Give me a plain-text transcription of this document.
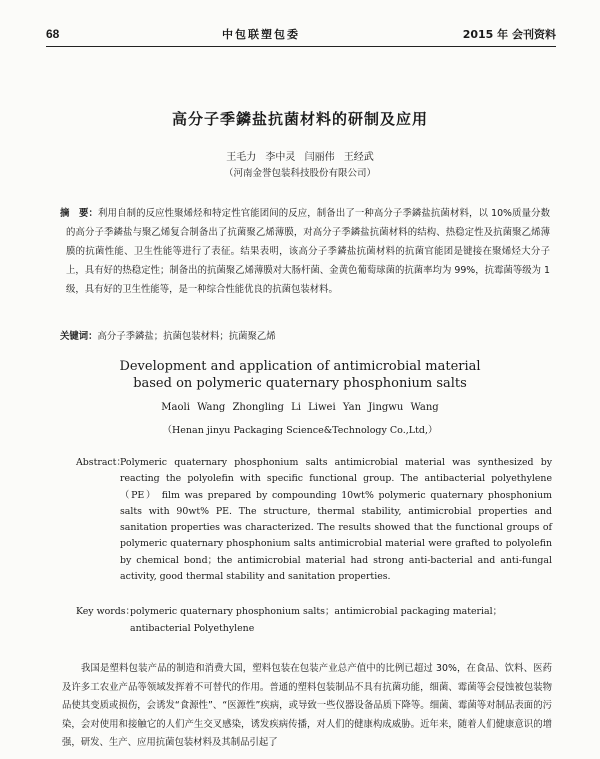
68	中包联塑包委	2015 年 会刊资料
高分子季鏻盐抗菌材料的研制及应用
王毛力 李中灵 闫丽伟 王经武
（河南金誉包装科技股份有限公司）
摘　要：利用自制的反应性聚烯烃和特定性官能团间的反应，制备出了一种高分子季鏻盐抗菌材料，以 10%质量分数的高分子季鏻盐与聚乙烯复合制备出了抗菌聚乙烯薄膜，对高分子季鏻盐抗菌材料的结构、热稳定性及抗菌聚乙烯薄膜的抗菌性能、卫生性能等进行了表征。结果表明，该高分子季鏻盐抗菌材料的抗菌官能团是键接在聚烯烃大分子上，具有好的热稳定性；制备出的抗菌聚乙烯薄膜对大肠杆菌、金黄色葡萄球菌的抗菌率均为 99%，抗霉菌等级为 1 级，具有好的卫生性能等，是一种综合性能优良的抗菌包装材料。
关键词：高分子季鏻盐；抗菌包装材料；抗菌聚乙烯
Development and application of antimicrobial material
based on polymeric quaternary phosphonium salts
Maoli Wang Zhongling Li Liwei Yan Jingwu Wang
（Henan jinyu Packaging Science&Technology Co.,Ltd,）
Abstract：
Polymeric quaternary phosphonium salts antimicrobial material was synthesized by reacting the polyolefin with specific functional group. The antibacterial polyethylene（PE） film was prepared by compounding 10wt% polymeric quaternary phosphonium salts with 90wt% PE. The structure, thermal stability, antimicrobial properties and sanitation properties was characterized. The results showed that the functional groups of polymeric quaternary phosphonium salts antimicrobial material were grafted to polyolefin by chemical bond；the antimicrobial material had strong anti-bacterial and anti-fungal activity, good thermal stability and sanitation properties.
Key words：
polymeric quaternary phosphonium salts；antimicrobial packaging material； antibacterial Polyethylene
我国是塑料包装产品的制造和消费大国，塑料包装在包装产业总产值中的比例已超过 30%，在食品、饮料、医药及许多工农业产品等领域发挥着不可替代的作用。普通的塑料包装制品不具有抗菌功能，细菌、霉菌等会侵蚀被包装物品使其变质或损伤，会诱发“食源性”、“医源性”疾病，或导致一些仪器设备品质下降等。细菌、霉菌等对制品表面的污染，会对使用和接触它的人们产生交叉感染，诱发疾病传播，对人们的健康构成威胁。近年来，随着人们健康意识的增强，研发、生产、应用抗菌包装材料及其制品引起了
